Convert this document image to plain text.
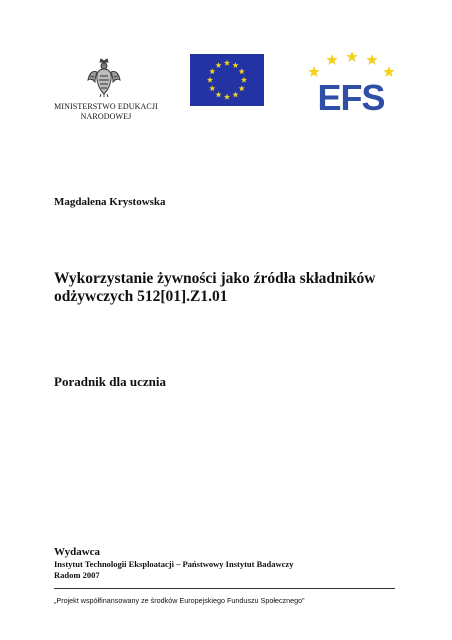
MINISTERSTWO EDUKACJI
NARODOWEJ	EFS
Magdalena Krystowska
Wykorzystanie żywności jako źródła składników
odżywczych 512[01].Z1.01
Poradnik dla ucznia
Wydawca
Instytut Technologii Eksploatacji – Państwowy Instytut Badawczy
Radom 2007
„Projekt współfinansowany ze środków Europejskiego Funduszu Społecznego”
